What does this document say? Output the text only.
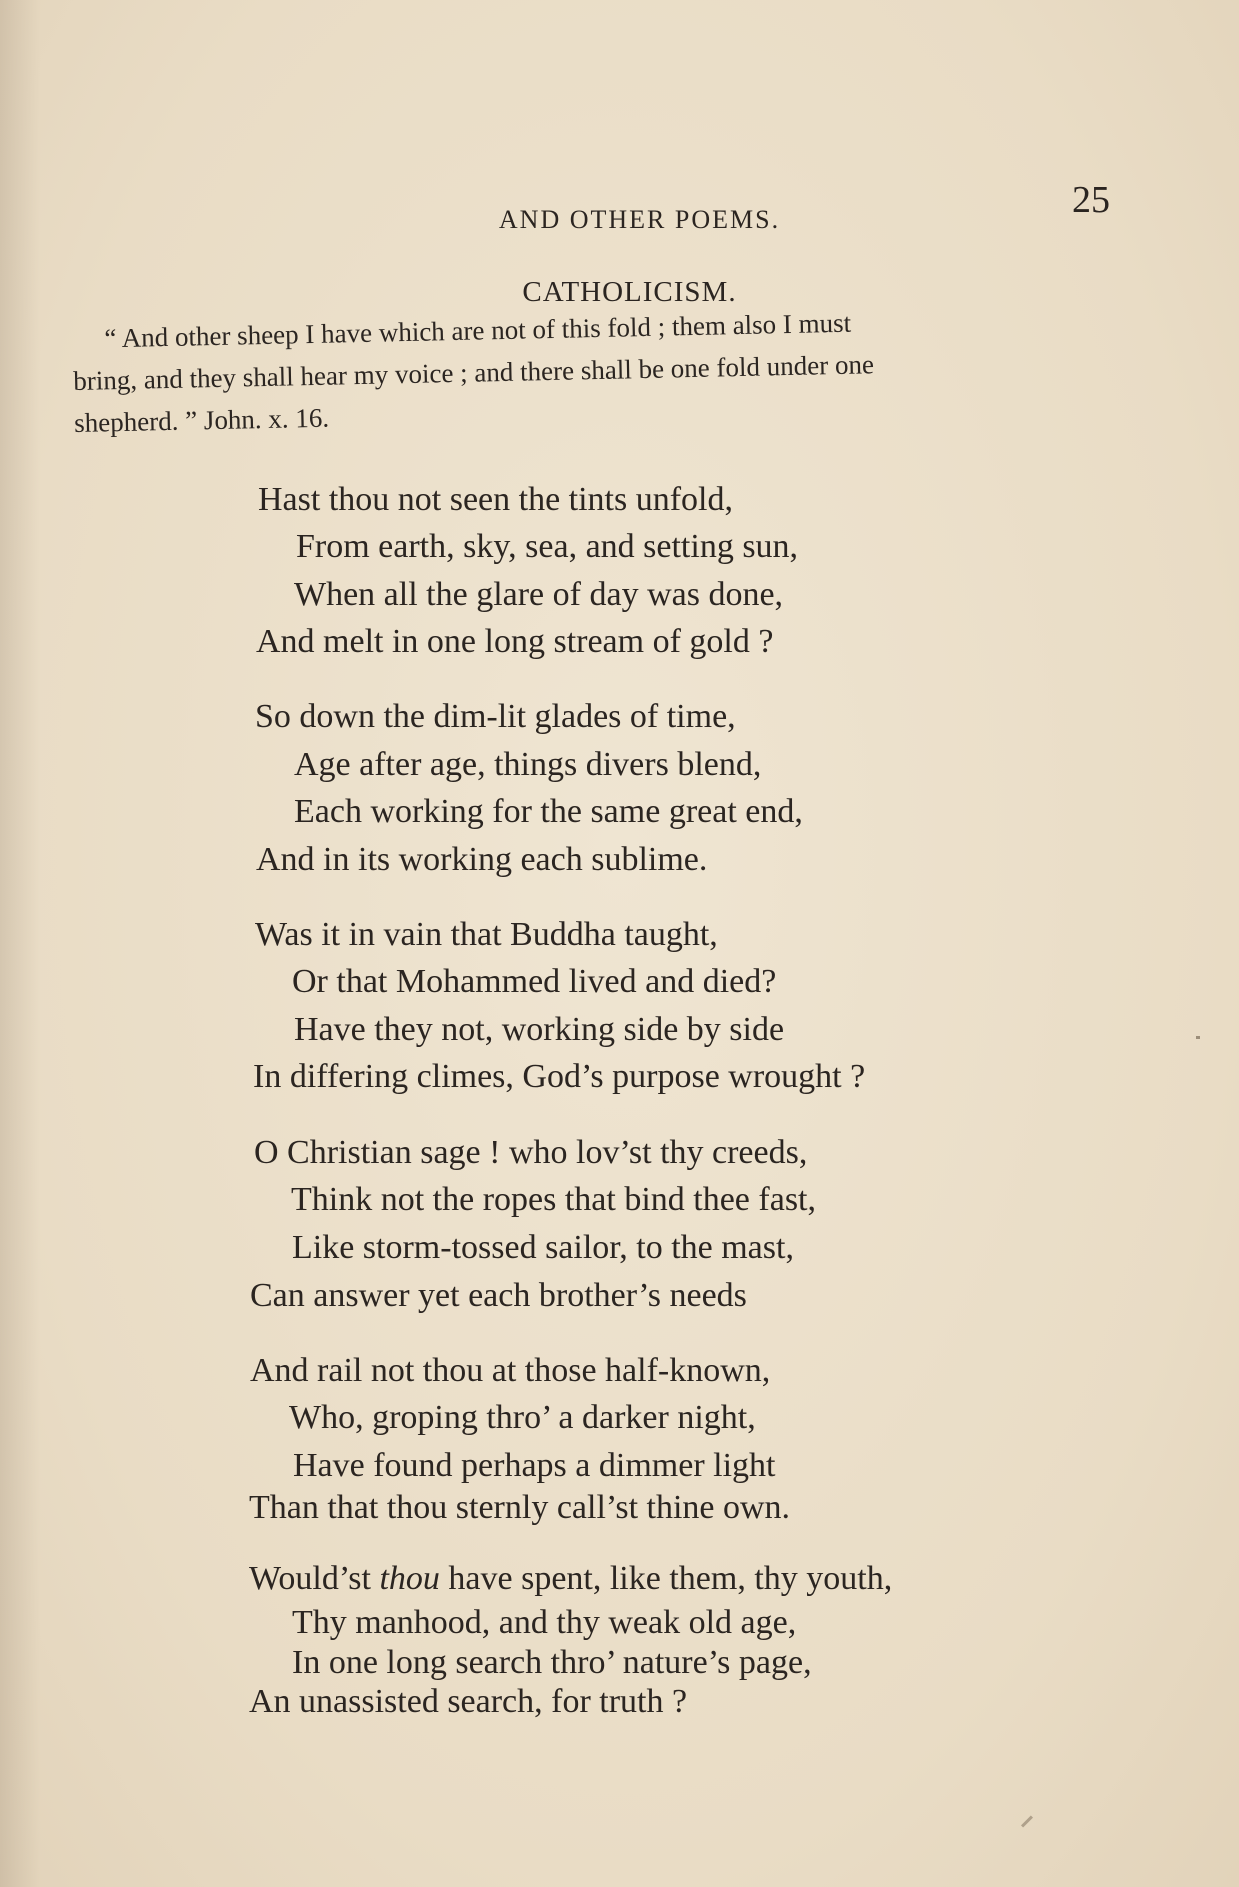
AND OTHER POEMS.	25
CATHOLICISM.
“ And other sheep I have which are not of this fold ; them also I must
bring, and they shall hear my voice ; and there shall be one fold under one
shepherd. ” John. x. 16.
Hast thou not seen the tints unfold,
From earth, sky, sea, and setting sun,
When all the glare of day was done,
And melt in one long stream of gold ?
So down the dim-lit glades of time,
Age after age, things divers blend,
Each working for the same great end,
And in its working each sublime.
Was it in vain that Buddha taught,
Or that Mohammed lived and died?
Have they not, working side by side
In differing climes, God’s purpose wrought ?
O Christian sage ! who lov’st thy creeds,
Think not the ropes that bind thee fast,
Like storm-tossed sailor, to the mast,
Can answer yet each brother’s needs
And rail not thou at those half-known,
Who, groping thro’ a darker night,
Have found perhaps a dimmer light
Than that thou sternly call’st thine own.
Would’st thou have spent, like them, thy youth,
Thy manhood, and thy weak old age,
In one long search thro’ nature’s page,
An unassisted search, for truth ?
